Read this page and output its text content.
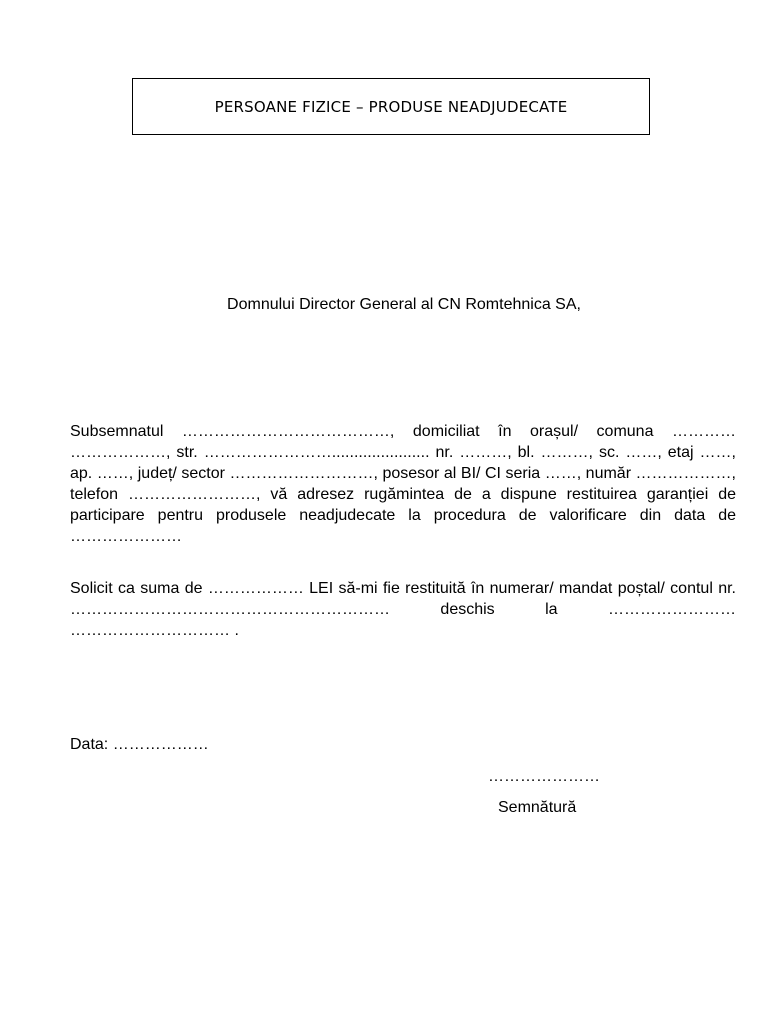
PERSOANE FIZICE – PRODUSE NEADJUDECATE
Domnului Director General al CN Romtehnica SA,
Subsemnatul …………………………………, domiciliat în orașul/ comuna ………… ………………, str. ……………………...................... nr. ………, bl. ………, sc. ……, etaj ……, ap. ……, județ/ sector ………………………, posesor al BI/ CI seria ……, număr ………………, telefon ……………………, vă adresez rugămintea de a dispune restituirea garanției de participare pentru produsele neadjudecate la procedura de valorificare din data de …………………
Solicit ca suma de ……………… LEI să-mi fie restituită în numerar/ mandat poștal/ contul nr. …………………………………………………… deschis la …………………… ………………………… .
Data: ………………
…………………
Semnătură
